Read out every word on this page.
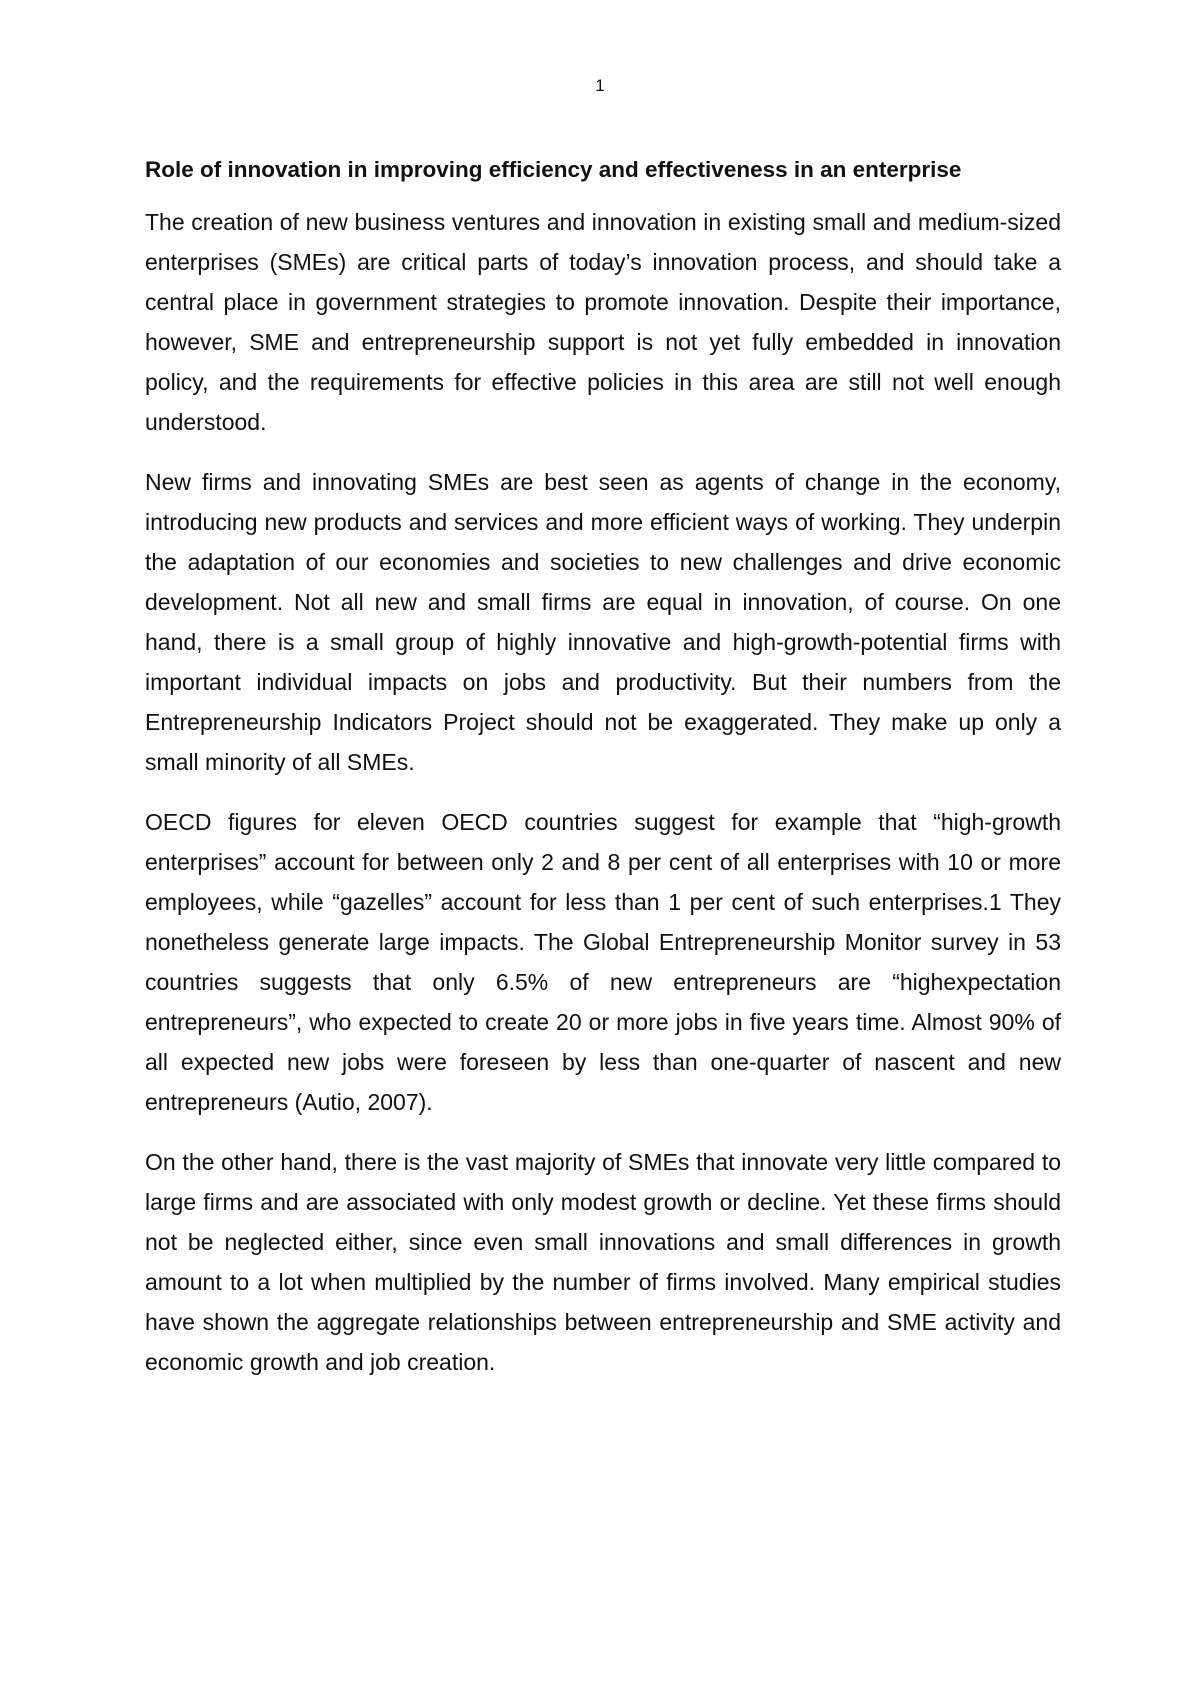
1
Role of innovation in improving efficiency and effectiveness in an enterprise

The creation of new business ventures and innovation in existing small and medium-sized enterprises (SMEs) are critical parts of today’s innovation process, and should take a central place in government strategies to promote innovation. Despite their importance, however, SME and entrepreneurship support is not yet fully embedded in innovation policy, and the requirements for effective policies in this area are still not well enough understood.

New firms and innovating SMEs are best seen as agents of change in the economy, introducing new products and services and more efficient ways of working. They underpin the adaptation of our economies and societies to new challenges and drive economic development. Not all new and small firms are equal in innovation, of course. On one hand, there is a small group of highly innovative and high-growth-potential firms with important individual impacts on jobs and productivity. But their numbers from the Entrepreneurship Indicators Project should not be exaggerated. They make up only a small minority of all SMEs.

OECD figures for eleven OECD countries suggest for example that “high-growth enterprises” account for between only 2 and 8 per cent of all enterprises with 10 or more employees, while “gazelles” account for less than 1 per cent of such enterprises.1 They nonetheless generate large impacts. The Global Entrepreneurship Monitor survey in 53 countries suggests that only 6.5% of new entrepreneurs are “highexpectation entrepreneurs”, who expected to create 20 or more jobs in five years time. Almost 90% of all expected new jobs were foreseen by less than one-quarter of nascent and new entrepreneurs (Autio, 2007).

On the other hand, there is the vast majority of SMEs that innovate very little compared to large firms and are associated with only modest growth or decline. Yet these firms should not be neglected either, since even small innovations and small differences in growth amount to a lot when multiplied by the number of firms involved. Many empirical studies have shown the aggregate relationships between entrepreneurship and SME activity and economic growth and job creation.
